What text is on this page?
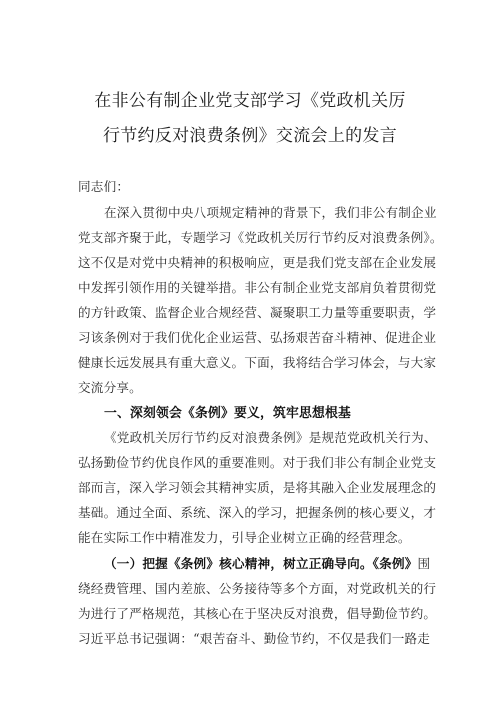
在非公有制企业党支部学习《党政机关厉
行节约反对浪费条例》交流会上的发言
同志们：
在深入贯彻中央八项规定精神的背景下，我们非公有制企业
党支部齐聚于此，专题学习《党政机关厉行节约反对浪费条例》。
这不仅是对党中央精神的积极响应，更是我们党支部在企业发展
中发挥引领作用的关键举措。非公有制企业党支部肩负着贯彻党
的方针政策、监督企业合规经营、凝聚职工力量等重要职责，学
习该条例对于我们优化企业运营、弘扬艰苦奋斗精神、促进企业
健康长远发展具有重大意义。下面，我将结合学习体会，与大家
交流分享。
一、深刻领会《条例》要义，筑牢思想根基
《党政机关厉行节约反对浪费条例》是规范党政机关行为、
弘扬勤俭节约优良作风的重要准则。对于我们非公有制企业党支
部而言，深入学习领会其精神实质，是将其融入企业发展理念的
基础。通过全面、系统、深入的学习，把握条例的核心要义，才
能在实际工作中精准发力，引导企业树立正确的经营理念。
（一）把握《条例》核心精神，树立正确导向。《条例》围
绕经费管理、国内差旅、公务接待等多个方面，对党政机关的行
为进行了严格规范，其核心在于坚决反对浪费，倡导勤俭节约。
习近平总书记强调：“艰苦奋斗、勤俭节约，不仅是我们一路走
